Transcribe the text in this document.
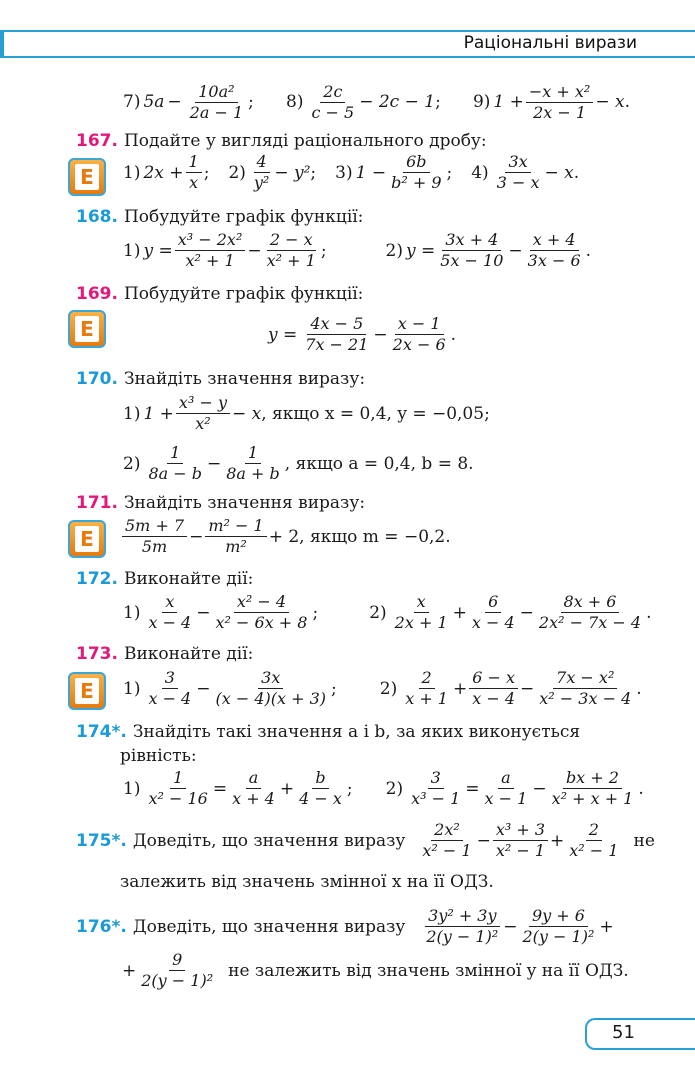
Раціональні вирази
7) $5a - \frac{\text{10a²}}{2a - 1}$ ; $8) \frac{2c}{c - 5} - 2c - 1$; 9) $1 + \frac{\text{−x + x²}}{2x - 1} - x$.
167. Подайте у вигляді раціонального дробу:
E	1) $2x + \frac{1}{x}$ ; $2) \frac{4}{\text{y²}} - y^2$ ; 3) $1 - \frac{6b}{\text{b² + 9}}$ ; $4) \frac{3x}{3 - x} - x$ .
168. Побудуйте графік функції:
1) $y = \frac{\text{x³ − 2x²}}{\text{x² + 1}} - \frac{2 - x}{\text{x² + 1}}$ ;	2) $y = \frac{3x + 4}{5x - 10} - \frac{x + 4}{3x - 6}$ .
169. Побудуйте графік функції:
E	$y = \frac{4x - 5}{7x - 21} - \frac{x - 1}{2x - 6}$ .
170. Знайдіть значення виразу:
1) $1 + \frac{\text{x³ − y}}{\text{x²}} - x$ , якщо x = 0,4, y = −0,05;
$2) \frac{1}{8a - b} - \frac{1}{8a + b}$ , якщо a = 0,4, b = 8.
171. Знайдіть значення виразу:
E	$\frac{5m + 7}{5m} - \frac{\text{m² − 1}}{\text{m²}} + 2$ , якщо m = −0,2.
172. Виконайте дії:
$1) \frac{x}{x - 4} - \frac{\text{x² − 4}}{\text{x² − 6x + 8}}$ ;	$2) \frac{x}{2x + 1} + \frac{6}{x - 4} - \frac{8x + 6}{\text{2x² − 7x − 4}}$ .
173. Виконайте дії:
E	$1) \frac{3}{x - 4} - \frac{3x}{(x - 4)(x + 3)}$ ;	$2) \frac{2}{x + 1} + \frac{6 - x}{x - 4} - \frac{\text{7x − x²}}{\text{x² − 3x − 4}}$ .
174*. Знайдіть такі значення a і b, за яких виконується
рівність:
$1) \frac{1}{\text{x² − 16}} = \frac{a}{x + 4} + \frac{b}{4 - x}$ ; $2) \frac{3}{\text{x³ − 1}} = \frac{a}{x - 1} - \frac{bx + 2}{\text{x² + x + 1}}$ .
175*. Доведіть, що значення виразу $\frac{\text{2x²}}{\text{x² − 1}} - \frac{\text{x³ + 3}}{\text{x² − 1}} + \frac{2}{\text{x² − 1}}$ не
залежить від значень змінної x на її ОДЗ.
176*. Доведіть, що значення виразу $\frac{\text{3y² + 3y}}{\text{2(y − 1)²}} - \frac{9y + 6}{\text{2(y − 1)²}}$ +
+ $\frac{9}{\text{2(y − 1)²}}$ не залежить від значень змінної y на її ОДЗ.
51
